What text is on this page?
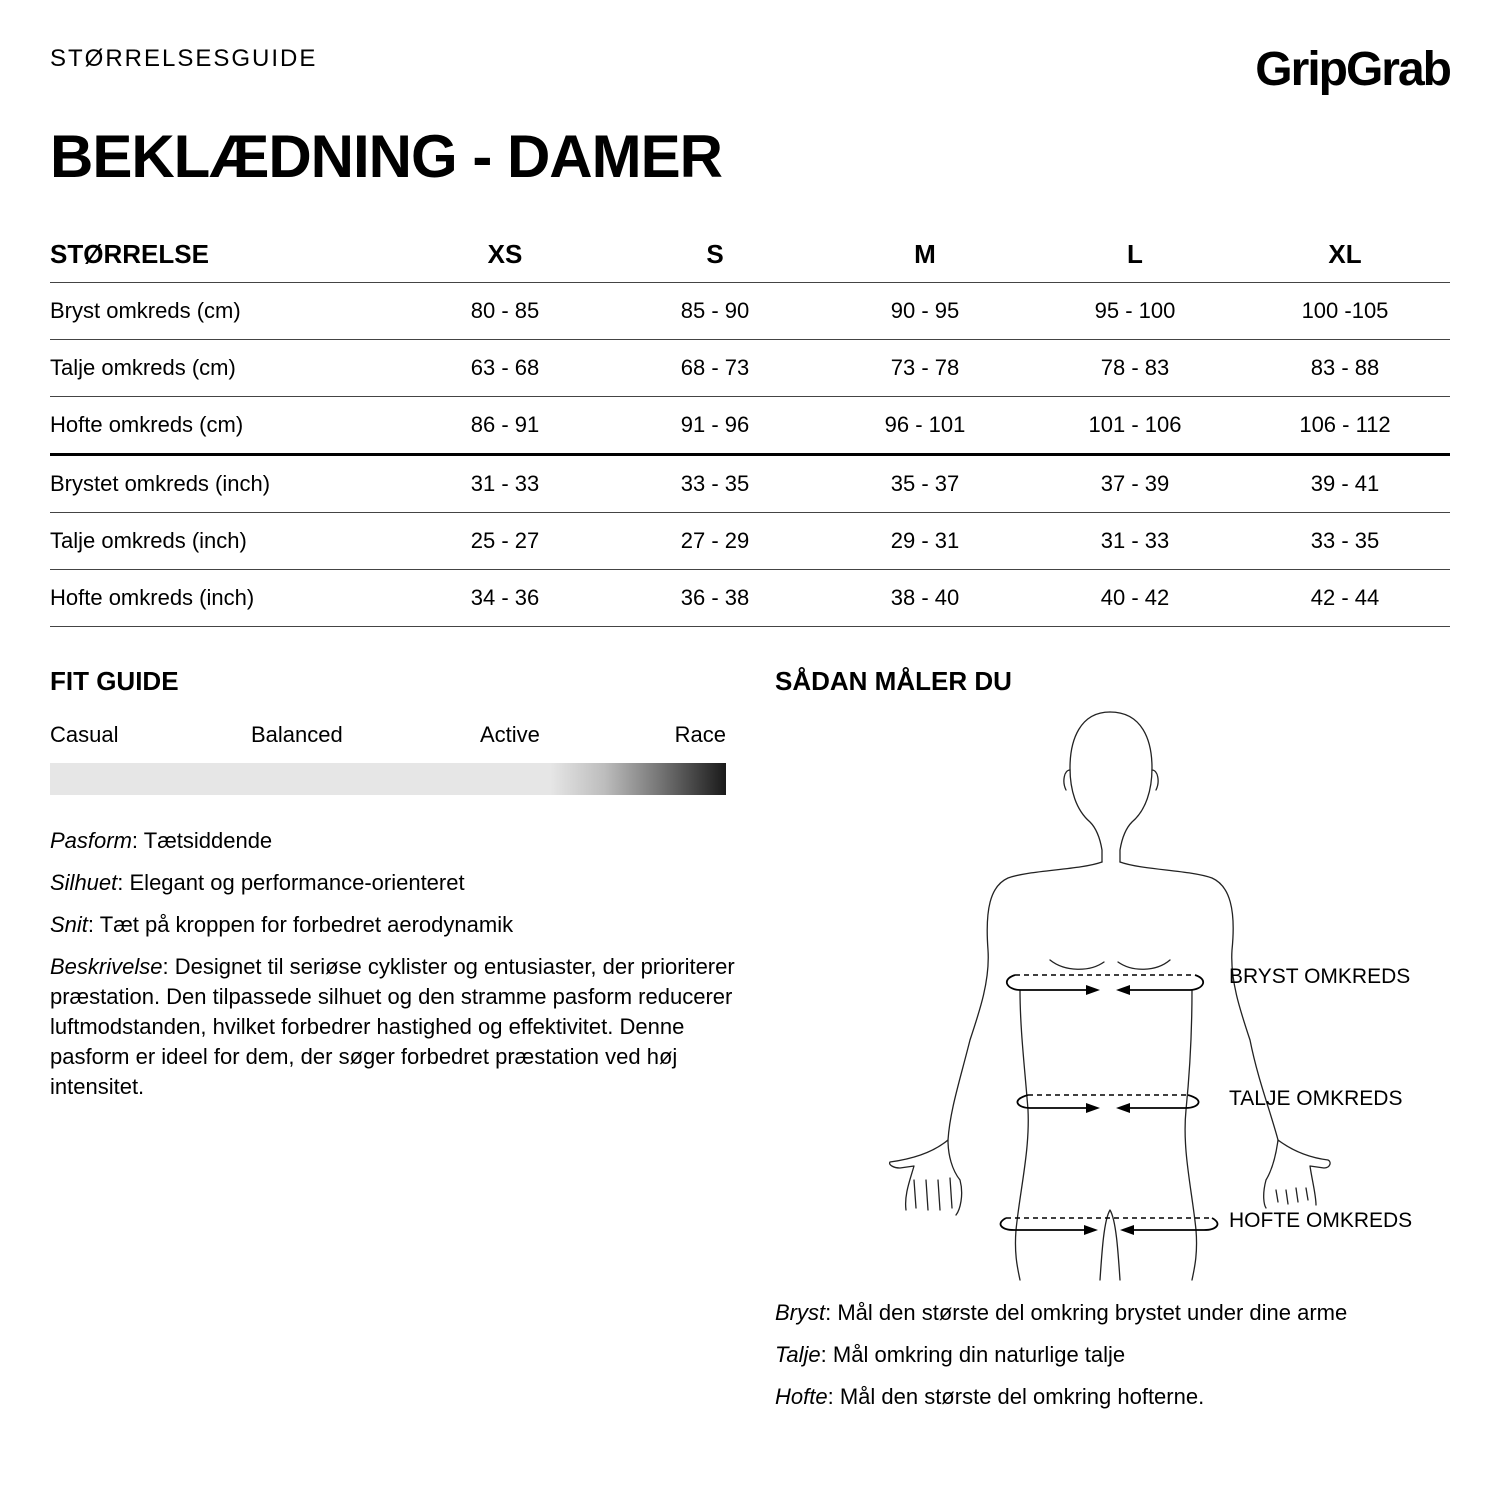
STØRRELSESGUIDE	GripGrab
BEKLÆDNING - DAMER
STØRRELSE	XS	S	M	L	XL
Bryst omkreds (cm)	80 - 85	85 - 90	90 - 95	95 - 100	100 -105
Talje omkreds (cm)	63 - 68	68 - 73	73 - 78	78 - 83	83 - 88
Hofte omkreds (cm)	86 - 91	91 - 96	96 - 101	101 - 106	106 - 112
Brystet omkreds (inch)	31 - 33	33 - 35	35 - 37	37 - 39	39 - 41
Talje omkreds (inch)	25 - 27	27 - 29	29 - 31	31 - 33	33 - 35
Hofte omkreds (inch)	34 - 36	36 - 38	38 - 40	40 - 42	42 - 44
FIT GUIDE
Casual	Balanced	Active	Race

Pasform: Tætsiddende

Silhuet: Elegant og performance-orienteret

Snit: Tæt på kroppen for forbedret aerodynamik

Beskrivelse: Designet til seriøse cyklister og entusiaster, der prioriterer præstation. Den tilpassede silhuet og den stramme pasform reducerer luftmodstanden, hvilket forbedrer hastighed og effektivitet. Denne pasform er ideel for dem, der søger forbedret præstation ved høj intensitet.

SÅDAN MÅLER DU
BRYST OMKREDS
TALJE OMKREDS
HOFTE OMKREDS

Bryst: Mål den største del omkring brystet under dine arme

Talje: Mål omkring din naturlige talje

Hofte: Mål den største del omkring hofterne.
